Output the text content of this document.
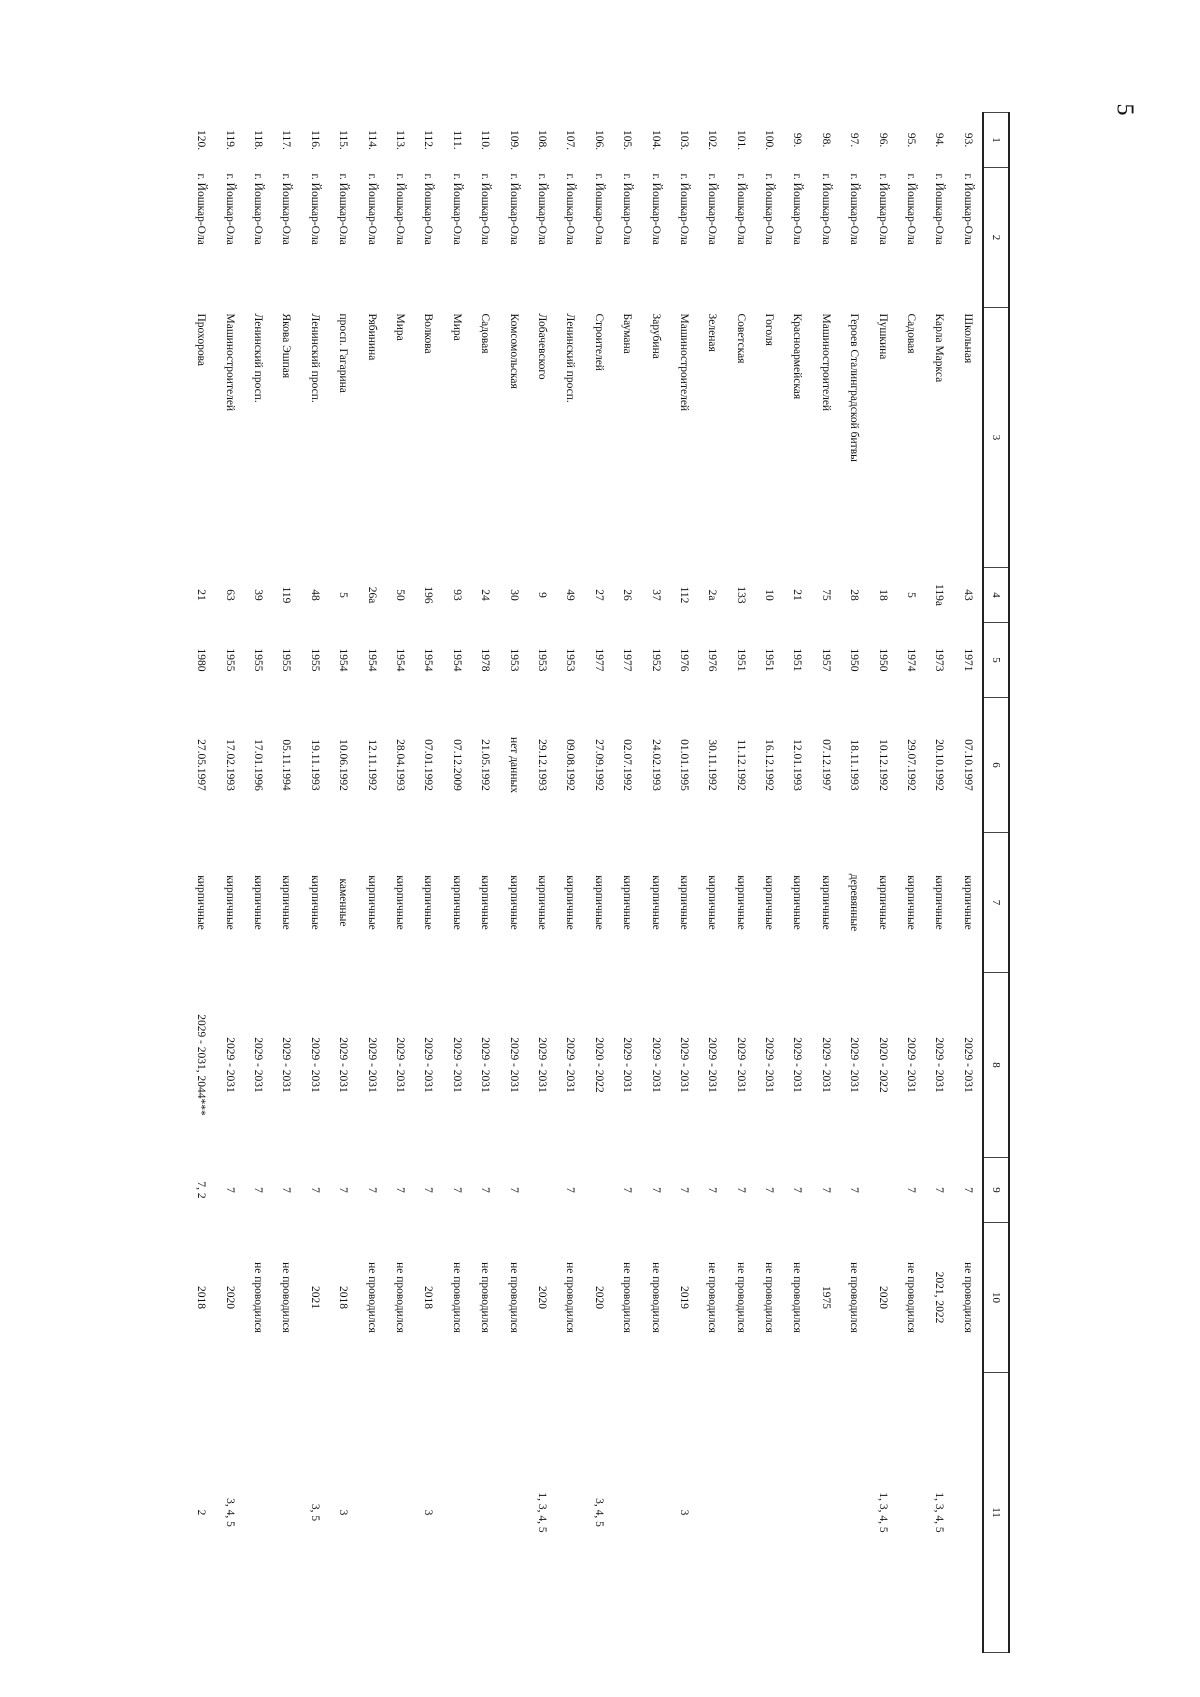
5
1	2	3	4	5	6	7	8	9	10	11
93.	г. Йошкар-Ола	Школьная	43	1971	07.10.1997	кирпичные	2029 - 2031	7	не проводился	
94.	г. Йошкар-Ола	Карла Маркса	119а	1973	20.10.1992	кирпичные	2029 - 2031	7	2021, 2022	1, 3, 4, 5
95.	г. Йошкар-Ола	Садовая	5	1974	29.07.1992	кирпичные	2029 - 2031	7	не проводился	
96.	г. Йошкар-Ола	Пушкина	18	1950	10.12.1992	кирпичные	2020 - 2022		2020	1, 3, 4, 5
97.	г. Йошкар-Ола	Героев Сталинградской битвы	28	1950	18.11.1993	деревянные	2029 - 2031	7	не проводился	
98.	г. Йошкар-Ола	Машиностроителей	75	1957	07.12.1997	кирпичные	2029 - 2031	7	1975	
99.	г. Йошкар-Ола	Красноармейская	21	1951	12.01.1993	кирпичные	2029 - 2031	7	не проводился	
100.	г. Йошкар-Ола	Гоголя	10	1951	16.12.1992	кирпичные	2029 - 2031	7	не проводился	
101.	г. Йошкар-Ола	Советская	133	1951	11.12.1992	кирпичные	2029 - 2031	7	не проводился	
102.	г. Йошкар-Ола	Зеленая	2а	1976	30.11.1992	кирпичные	2029 - 2031	7	не проводился	
103.	г. Йошкар-Ола	Машиностроителей	112	1976	01.01.1995	кирпичные	2029 - 2031	7	2019	3
104.	г. Йошкар-Ола	Зарубина	37	1952	24.02.1993	кирпичные	2029 - 2031	7	не проводился	
105.	г. Йошкар-Ола	Баумана	26	1977	02.07.1992	кирпичные	2029 - 2031	7	не проводился	
106.	г. Йошкар-Ола	Строителей	27	1977	27.09.1992	кирпичные	2020 - 2022		2020	3, 4, 5
107.	г. Йошкар-Ола	Ленинский просп.	49	1953	09.08.1992	кирпичные	2029 - 2031	7	не проводился	
108.	г. Йошкар-Ола	Лобачевского	9	1953	29.12.1993	кирпичные	2029 - 2031		2020	1, 3, 4, 5
109.	г. Йошкар-Ола	Комсомольская	30	1953	нет данных	кирпичные	2029 - 2031	7	не проводился	
110.	г. Йошкар-Ола	Садовая	24	1978	21.05.1992	кирпичные	2029 - 2031	7	не проводился	
111.	г. Йошкар-Ола	Мира	93	1954	07.12.2009	кирпичные	2029 - 2031	7	не проводился	
112.	г. Йошкар-Ола	Волкова	196	1954	07.01.1992	кирпичные	2029 - 2031	7	2018	3
113.	г. Йошкар-Ола	Мира	50	1954	28.04.1993	кирпичные	2029 - 2031	7	не проводился	
114.	г. Йошкар-Ола	Рябинина	26а	1954	12.11.1992	кирпичные	2029 - 2031	7	не проводился	
115.	г. Йошкар-Ола	просп. Гагарина	5	1954	10.06.1992	каменные	2029 - 2031	7	2018	3
116.	г. Йошкар-Ола	Ленинский просп.	48	1955	19.11.1993	кирпичные	2029 - 2031	7	2021	3, 5
117.	г. Йошкар-Ола	Якова Эшпая	119	1955	05.11.1994	кирпичные	2029 - 2031	7	не проводился	
118.	г. Йошкар-Ола	Ленинский просп.	39	1955	17.01.1996	кирпичные	2029 - 2031	7	не проводился	
119.	г. Йошкар-Ола	Машиностроителей	63	1955	17.02.1993	кирпичные	2029 - 2031	7	2020	3, 4, 5
120.	г. Йошкар-Ола	Прохорова	21	1980	27.05.1997	кирпичные	2029 - 2031, 2044***	7, 2	2018	2
